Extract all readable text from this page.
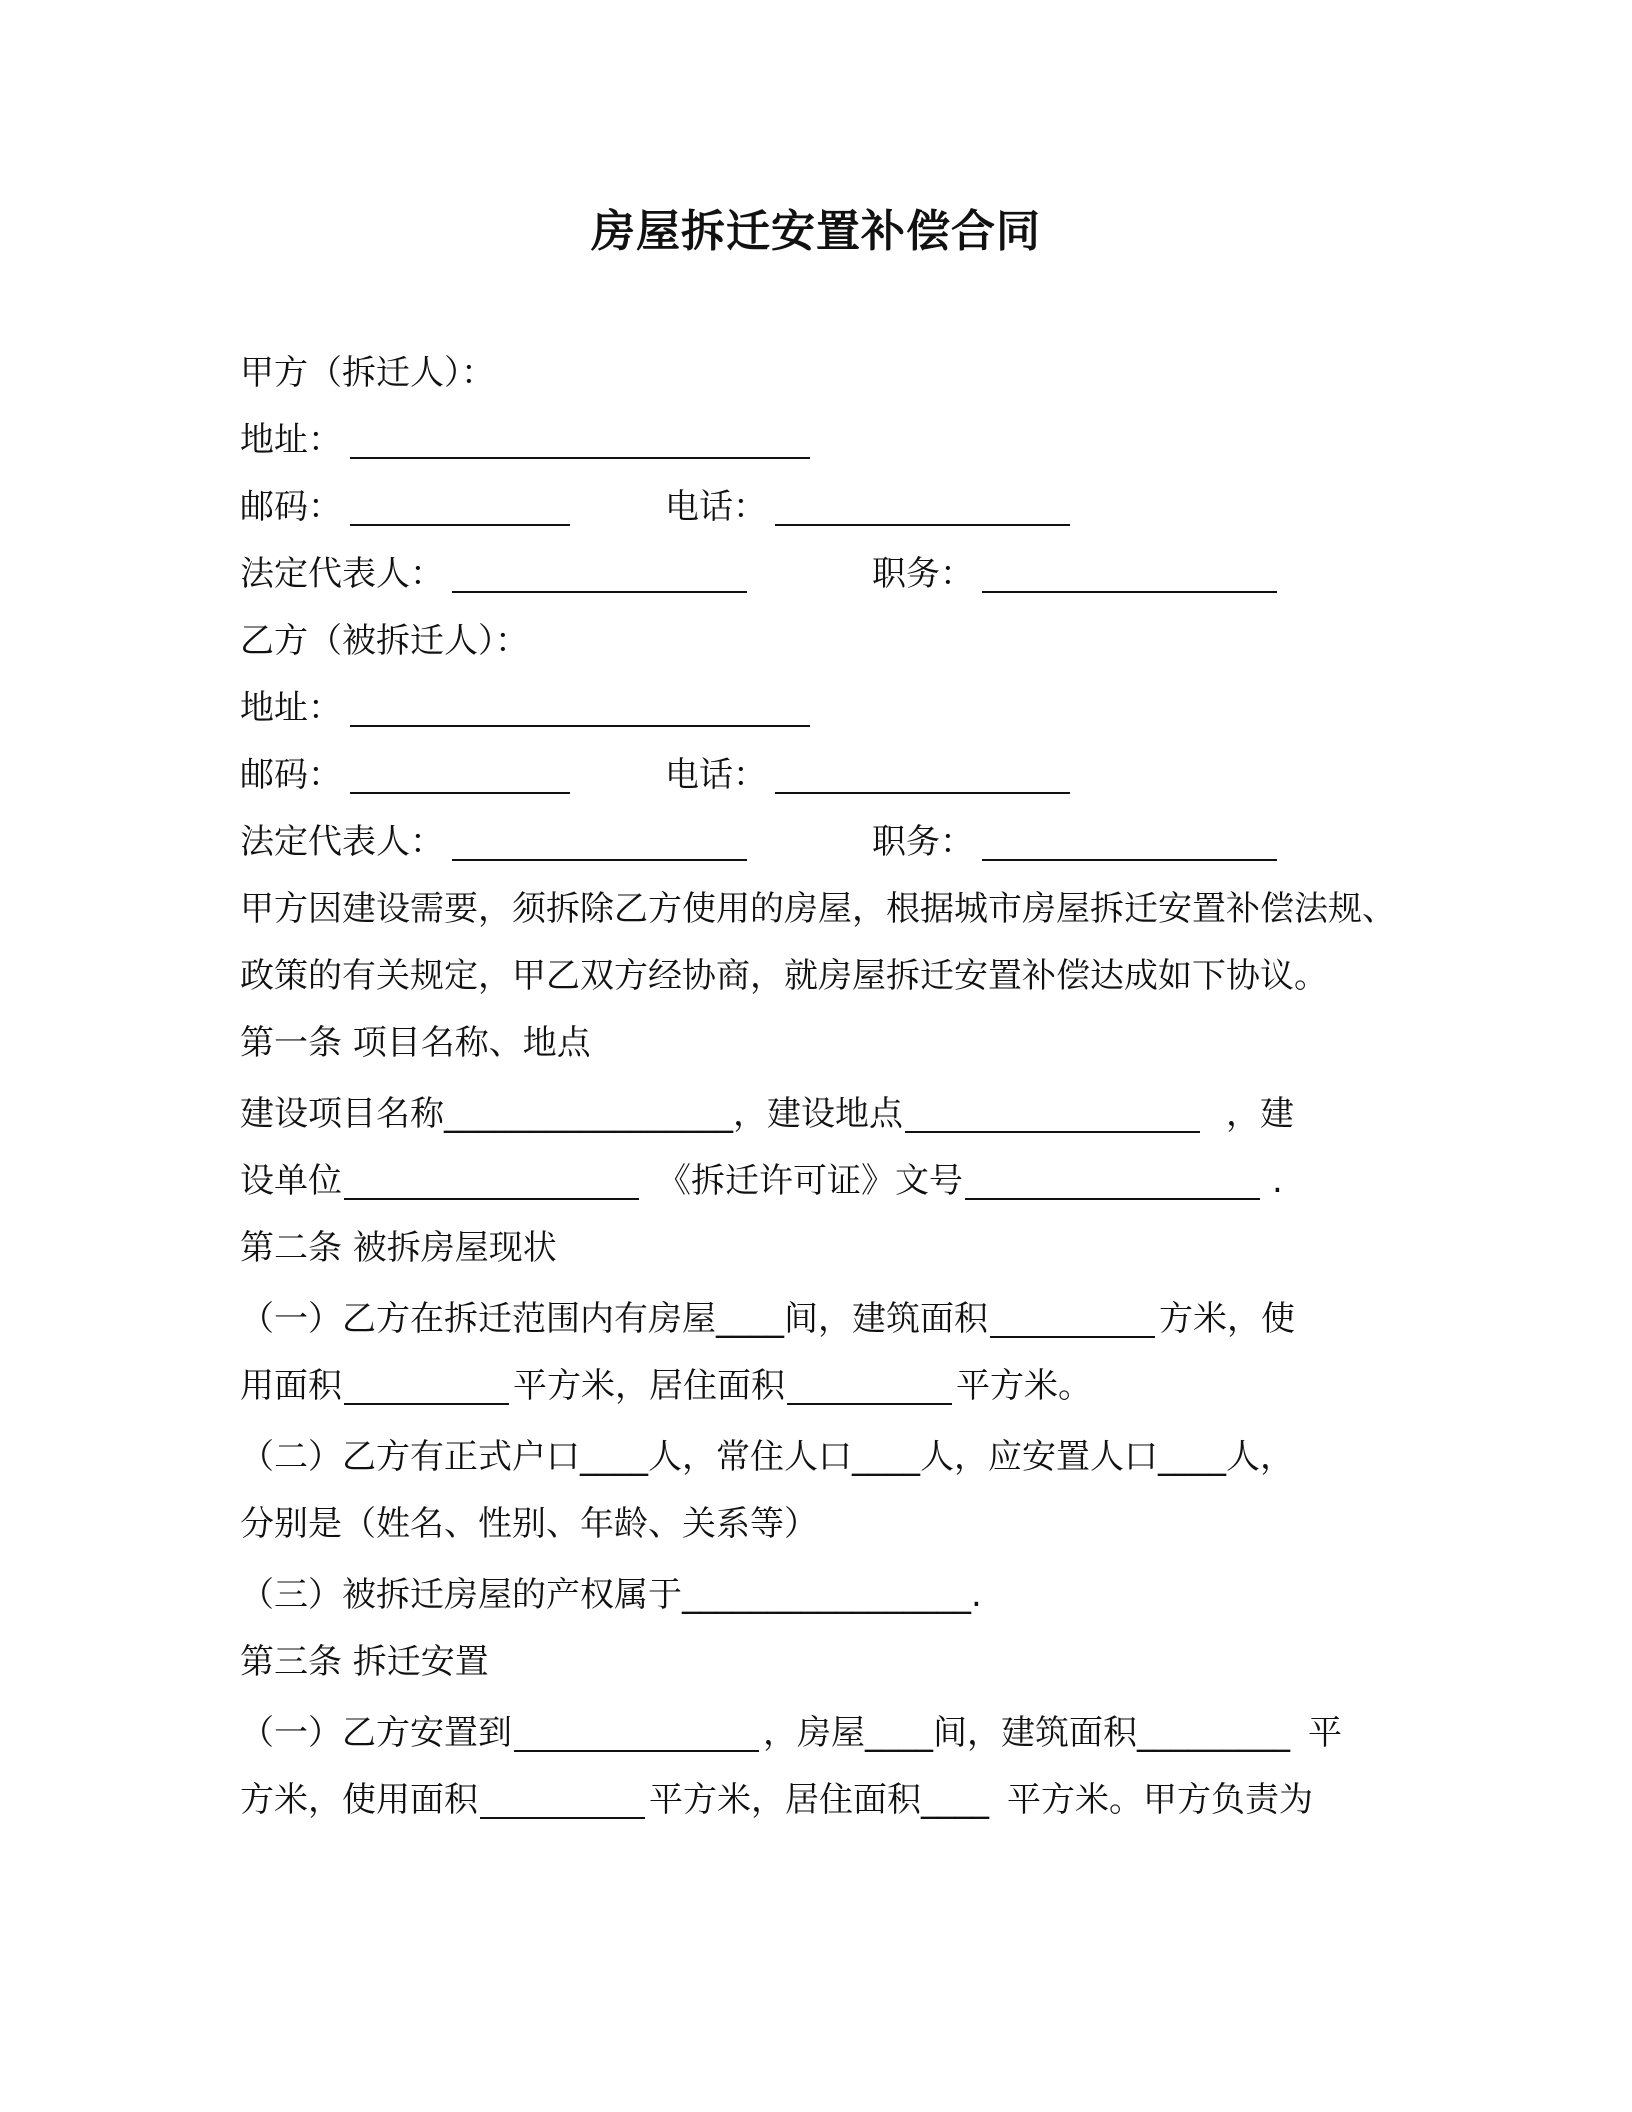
房屋拆迁安置补偿合同
甲方（拆迁人）：
地址：
邮码：	电话：
法定代表人：	职务：
乙方（被拆迁人）：
地址：
邮码：	电话：
法定代表人：	职务：
甲方因建设需要，须拆除乙方使用的房屋，根据城市房屋拆迁安置补偿法规、政策的有关规定，甲乙双方经协商，就房屋拆迁安置补偿达成如下协议。
第一条 项目名称、地点
建设项目名称_________________，建设地点	，建
设单位	《拆迁许可证》文号	.
第二条 被拆房屋现状
（一）乙方在拆迁范围内有房屋____间，建筑面积	方米，使
用面积	平方米，居住面积	平方米。
（二）乙方有正式户口____人，常住人口____人，应安置人口____人，
分别是（姓名、性别、年龄、关系等）
（三）被拆迁房屋的产权属于_________________.
第三条 拆迁安置
（一）乙方安置到	，房屋____间，建筑面积_________ 平
方米，使用面积	平方米，居住面积____ 平方米。甲方负责为
